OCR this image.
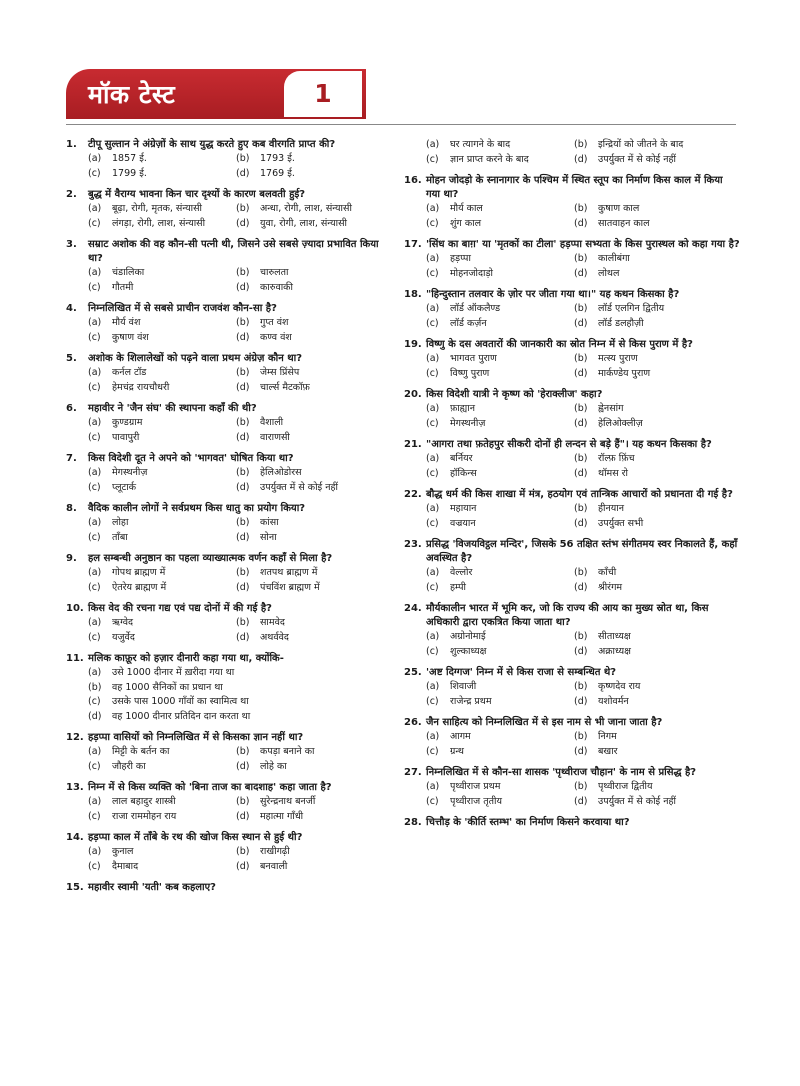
मॉक टेस्ट	1
1.	टीपू सुल्तान ने अंग्रेज़ों के साथ युद्ध करते हुए कब वीरगति प्राप्त की?
(a)	1857 ई.	(b)	1793 ई.
(c)	1799 ई.	(d)	1769 ई.
2.	बुद्ध में वैराग्य भावना किन चार दृश्यों के कारण बलवती हुई?
(a)	बूढ़ा, रोगी, मृतक, संन्यासी	(b)	अन्धा, रोगी, लाश, संन्यासी
(c)	लंगड़ा, रोगी, लाश, संन्यासी	(d)	युवा, रोगी, लाश, संन्यासी
3.	सम्राट अशोक की वह कौन-सी पत्नी थी, जिसने उसे सबसे ज़्यादा प्रभावित किया था?
(a)	चंडालिका	(b)	चारुलता
(c)	गौतमी	(d)	कारुवाकी
4.	निम्नलिखित में से सबसे प्राचीन राजवंश कौन-सा है?
(a)	मौर्य वंश	(b)	गुप्त वंश
(c)	कुषाण वंश	(d)	कण्व वंश
5.	अशोक के शिलालेखों को पढ़ने वाला प्रथम अंग्रेज़ कौन था?
(a)	कर्नल टॉड	(b)	जेम्स प्रिंसेप
(c)	हेमचंद्र रायचौधरी	(d)	चार्ल्स मैटकॉफ़
6.	महावीर ने 'जैन संघ' की स्थापना कहाँ की थी?
(a)	कुण्डग्राम	(b)	वैशाली
(c)	पावापुरी	(d)	वाराणसी
7.	किस विदेशी दूत ने अपने को 'भागवत' घोषित किया था?
(a)	मेगस्थनीज़	(b)	हेलिओडोरस
(c)	प्लूटार्क	(d)	उपर्युक्त में से कोई नहीं
8.	वैदिक कालीन लोगों ने सर्वप्रथम किस धातु का प्रयोग किया?
(a)	लोहा	(b)	कांसा
(c)	ताँबा	(d)	सोना
9.	हल सम्बन्धी अनुष्ठान का पहला व्याख्यात्मक वर्णन कहाँ से मिला है?
(a)	गोपथ ब्राह्मण में	(b)	शतपथ ब्राह्मण में
(c)	ऐतरेय ब्राह्मण में	(d)	पंचविंश ब्राह्मण में
10. किस वेद की रचना गद्य एवं पद्य दोनों में की गई है?
(a)	ऋग्वेद	(b)	सामवेद
(c)	यजुर्वेद	(d)	अथर्ववेद
11. मलिक काफ़ूर को हज़ार दीनारी कहा गया था, क्योंकि-
(a)	उसे 1000 दीनार में ख़रीदा गया था
(b)	वह 1000 सैनिकों का प्रधान था
(c)	उसके पास 1000 गाँवों का स्वामित्व था
(d)	वह 1000 दीनार प्रतिदिन दान करता था
12. हड़प्पा वासियों को निम्नलिखित में से किसका ज्ञान नहीं था?
(a)	मिट्टी के बर्तन का	(b)	कपड़ा बनाने का
(c)	जौहरी का	(d)	लोहे का
13. निम्न में से किस व्यक्ति को 'बिना ताज का बादशाह' कहा जाता है?
(a)	लाल बहादुर शास्त्री	(b)	सुरेन्द्रनाथ बनर्जी
(c)	राजा राममोहन राय	(d)	महात्मा गाँधी
14. हड़प्पा काल में ताँबे के रथ की खोज किस स्थान से हुई थी?
(a)	कुनाल	(b)	राखीगढ़ी
(c)	दैमाबाद	(d)	बनवाली
15. महावीर स्वामी 'यती' कब कहलाए?
(a)	घर त्यागने के बाद	(b)	इन्द्रियों को जीतने के बाद
(c)	ज्ञान प्राप्त करने के बाद	(d)	उपर्युक्त में से कोई नहीं
16. मोहन जोदड़ो के स्नानागार के पश्चिम में स्थित स्तूप का निर्माण किस काल में किया गया था?
(a)	मौर्य काल	(b)	कुषाण काल
(c)	शुंग काल	(d)	सातवाहन काल
17. 'सिंध का बाग़' या 'मृतकों का टीला' हड़प्पा सभ्यता के किस पुरास्थल को कहा गया है?
(a)	हड़प्पा	(b)	कालीबंगा
(c)	मोहनजोदाड़ो	(d)	लोथल
18. "हिन्दुस्तान तलवार के ज़ोर पर जीता गया था।" यह कथन किसका है?
(a)	लॉर्ड ऑकलैण्ड	(b)	लॉर्ड एलगिन द्वितीय
(c)	लॉर्ड कर्ज़न	(d)	लॉर्ड डलहौज़ी
19. विष्णु के दस अवतारों की जानकारी का स्रोत निम्न में से किस पुराण में है?
(a)	भागवत पुराण	(b)	मत्स्य पुराण
(c)	विष्णु पुराण	(d)	मार्कण्डेय पुराण
20. किस विदेशी यात्री ने कृष्ण को 'हेराक्लीज' कहा?
(a)	फ़ाह्यान	(b)	ह्वेनसांग
(c)	मेगस्थनीज़	(d)	हेलिओक्लीज़
21. "आगरा तथा फ़तेहपुर सीकरी दोनों ही लन्दन से बड़े हैं"। यह कथन किसका है?
(a)	बर्नियर	(b)	रॉल्फ़ फ़िंच
(c)	हॉकिन्स	(d)	थॉमस रो
22. बौद्ध धर्म की किस शाखा में मंत्र, हठयोग एवं तान्त्रिक आचारों को प्रधानता दी गई है?
(a)	महायान	(b)	हीनयान
(c)	वज्रयान	(d)	उपर्युक्त सभी
23. प्रसिद्ध 'विजयविट्ठल मन्दिर', जिसके 56 तक्षित स्तंभ संगीतमय स्वर निकालते हैं, कहाँ अवस्थित है?
(a)	वेल्लोर	(b)	काँची
(c)	हम्पी	(d)	श्रीरंगम
24. मौर्यकालीन भारत में भूमि कर, जो कि राज्य की आय का मुख्य स्रोत था, किस अधिकारी द्वारा एकत्रित किया जाता था?
(a)	अग्रोनोमाई	(b)	सीताध्यक्ष
(c)	शुल्काध्यक्ष	(d)	अक्राध्यक्ष
25. 'अष्ट दिग्गज' निम्न में से किस राजा से सम्बन्धित थे?
(a)	शिवाजी	(b)	कृष्णदेव राय
(c)	राजेन्द्र प्रथम	(d)	यशोवर्मन
26. जैन साहित्य को निम्नलिखित में से इस नाम से भी जाना जाता है?
(a)	आगम	(b)	निगम
(c)	ग्रन्थ	(d)	बखार
27. निम्नलिखित में से कौन-सा शासक 'पृथ्वीराज चौहान' के नाम से प्रसिद्ध है?
(a)	पृथ्वीराज प्रथम	(b)	पृथ्वीराज द्वितीय
(c)	पृथ्वीराज तृतीय	(d)	उपर्युक्त में से कोई नहीं
28. चित्तौड़ के 'कीर्ति स्तम्भ' का निर्माण किसने करवाया था?
